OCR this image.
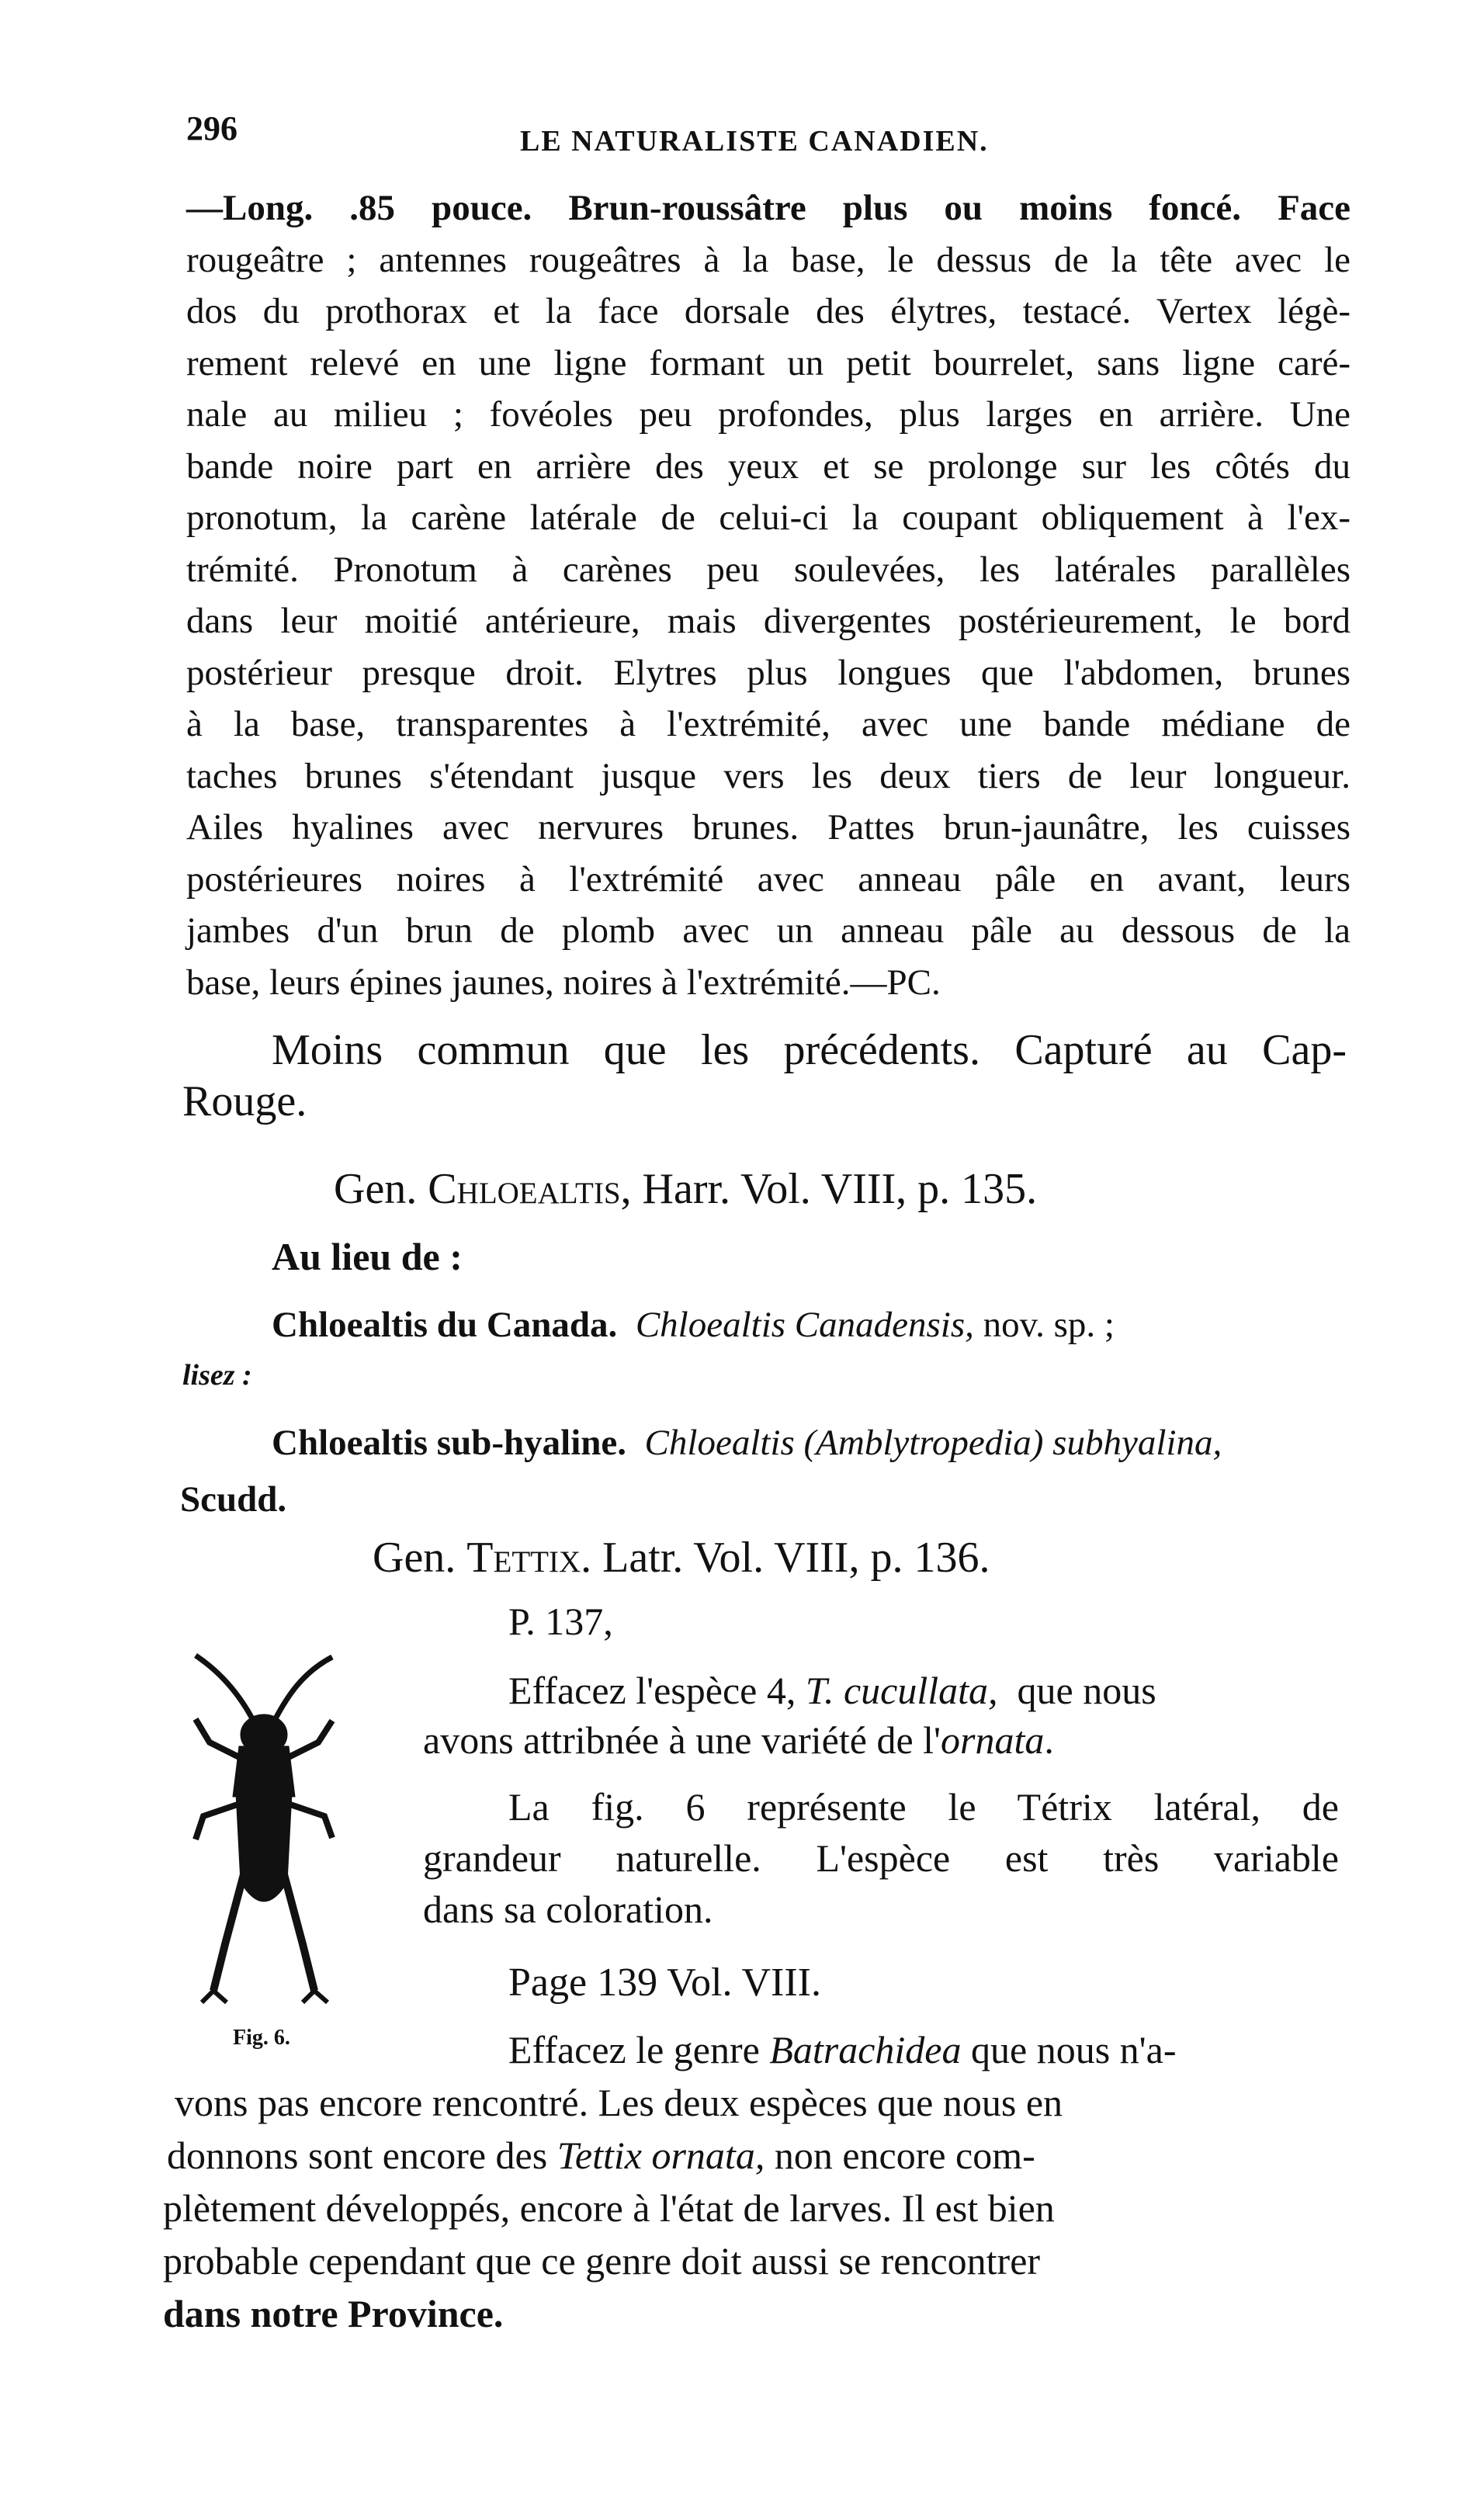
296	LE NATURALISTE CANADIEN.
—Long. .85 pouce. Brun-roussâtre plus ou moins foncé. Face
rougeâtre ; antennes rougeâtres à la base, le dessus de la tête avec le
dos du prothorax et la face dorsale des élytres, testacé. Vertex légè-
rement relevé en une ligne formant un petit bourrelet, sans ligne caré-
nale au milieu ; fovéoles peu profondes, plus larges en arrière. Une
bande noire part en arrière des yeux et se prolonge sur les côtés du
pronotum, la carène latérale de celui-ci la coupant obliquement à l'ex-
trémité. Pronotum à carènes peu soulevées, les latérales parallèles
dans leur moitié antérieure, mais divergentes postérieurement, le bord
postérieur presque droit. Elytres plus longues que l'abdomen, brunes
à la base, transparentes à l'extrémité, avec une bande médiane de
taches brunes s'étendant jusque vers les deux tiers de leur longueur.
Ailes hyalines avec nervures brunes. Pattes brun-jaunâtre, les cuisses
postérieures noires à l'extrémité avec anneau pâle en avant, leurs
jambes d'un brun de plomb avec un anneau pâle au dessous de la
base, leurs épines jaunes, noires à l'extrémité.—PC.
Moins commun que les précédents. Capturé au Cap-
Rouge.
Gen. Chloealtis, Harr. Vol. VIII, p. 135.
Au lieu de :
Chloealtis du Canada. Chloealtis Canadensis, nov. sp. ;
lisez :
Chloealtis sub-hyaline. Chloealtis (Amblytropedia) subhyalina,
Scudd.
Gen. Tettix. Latr. Vol. VIII, p. 136.
P. 137,
Fig. 6.
Effacez l'espèce 4, T. cucullata, que nous
avons attribnée à une variété de l'ornata.
La fig. 6 représente le Tétrix latéral, de
grandeur naturelle. L'espèce est très variable
dans sa coloration.
Page 139 Vol. VIII.
Effacez le genre Batrachidea que nous n'a-
vons pas encore rencontré. Les deux espèces que nous en
donnons sont encore des Tettix ornata, non encore com-
plètement développés, encore à l'état de larves. Il est bien
probable cependant que ce genre doit aussi se rencontrer
dans notre Province.
